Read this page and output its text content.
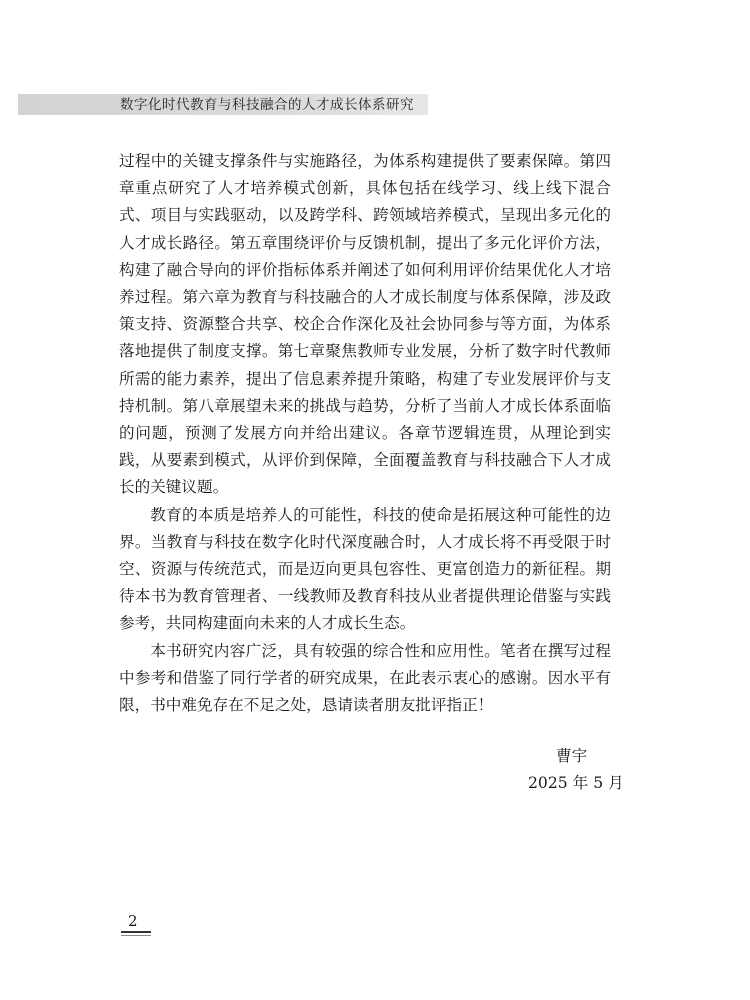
数字化时代教育与科技融合的人才成长体系研究

过程中的关键支撑条件与实施路径，为体系构建提供了要素保障。第四章重点研究了人才培养模式创新，具体包括在线学习、线上线下混合式、项目与实践驱动，以及跨学科、跨领域培养模式，呈现出多元化的人才成长路径。第五章围绕评价与反馈机制，提出了多元化评价方法，构建了融合导向的评价指标体系并阐述了如何利用评价结果优化人才培养过程。第六章为教育与科技融合的人才成长制度与体系保障，涉及政策支持、资源整合共享、校企合作深化及社会协同参与等方面，为体系落地提供了制度支撑。第七章聚焦教师专业发展，分析了数字时代教师所需的能力素养，提出了信息素养提升策略，构建了专业发展评价与支持机制。第八章展望未来的挑战与趋势，分析了当前人才成长体系面临的问题，预测了发展方向并给出建议。各章节逻辑连贯，从理论到实践，从要素到模式，从评价到保障，全面覆盖教育与科技融合下人才成长的关键议题。

教育的本质是培养人的可能性，科技的使命是拓展这种可能性的边界。当教育与科技在数字化时代深度融合时，人才成长将不再受限于时空、资源与传统范式，而是迈向更具包容性、更富创造力的新征程。期待本书为教育管理者、一线教师及教育科技从业者提供理论借鉴与实践参考，共同构建面向未来的人才成长生态。

本书研究内容广泛，具有较强的综合性和应用性。笔者在撰写过程中参考和借鉴了同行学者的研究成果，在此表示衷心的感谢。因水平有限，书中难免存在不足之处，恳请读者朋友批评指正！

曹宇
2025 年 5 月
2
